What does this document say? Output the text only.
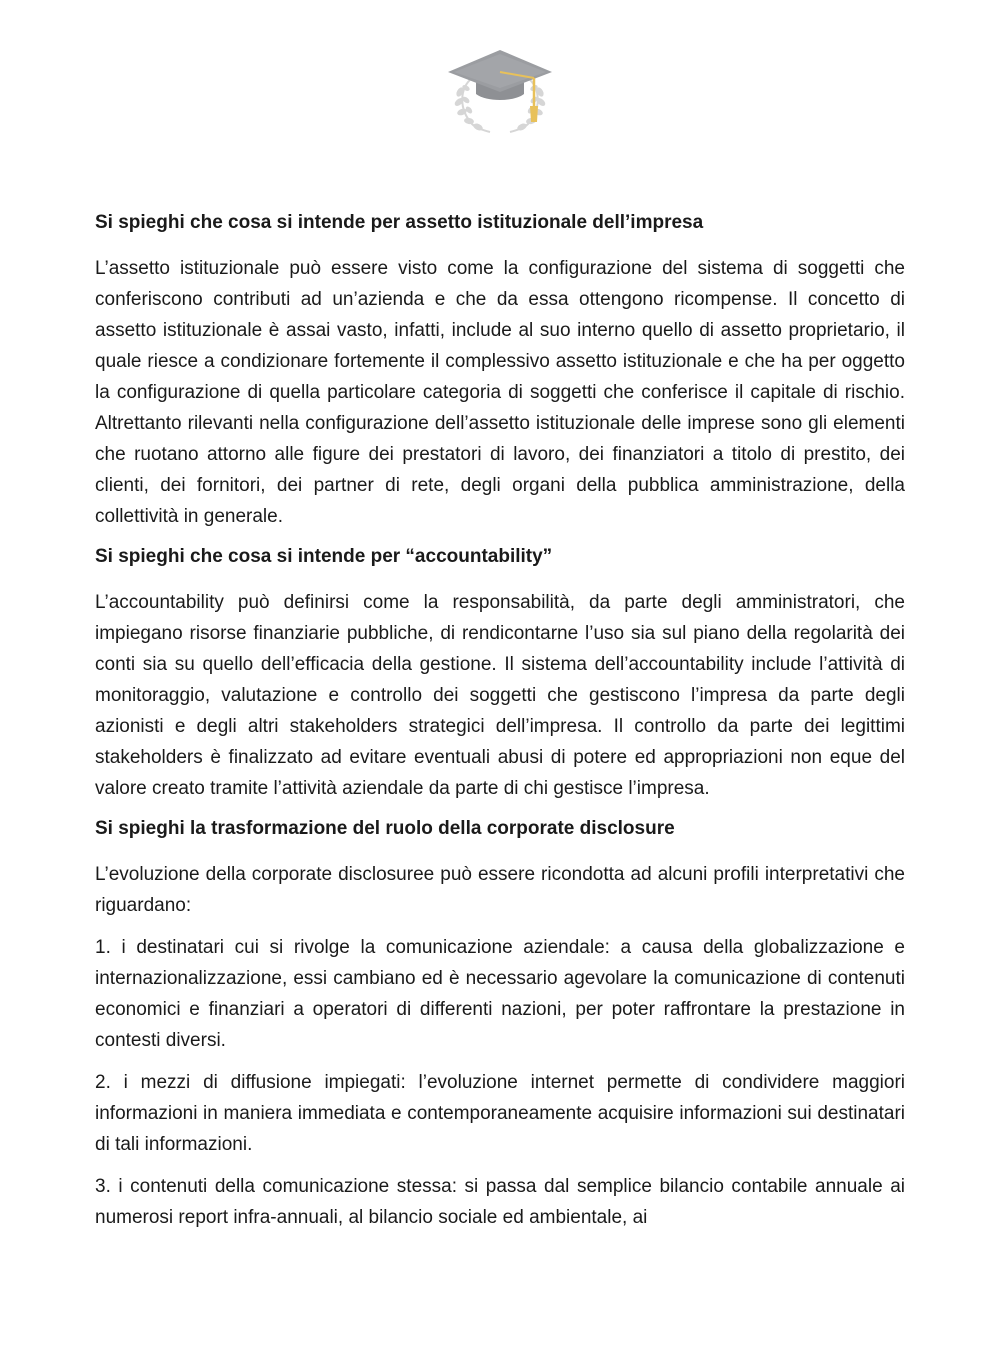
Si spieghi che cosa si intende per assetto istituzionale dell’impresa

L’assetto istituzionale può essere visto come la configurazione del sistema di soggetti che conferiscono contributi ad un’azienda e che da essa ottengono ricompense. Il concetto di assetto istituzionale è assai vasto, infatti, include al suo interno quello di assetto proprietario, il quale riesce a condizionare fortemente il complessivo assetto istituzionale e che ha per oggetto la configurazione di quella particolare categoria di soggetti che conferisce il capitale di rischio. Altrettanto rilevanti nella configurazione dell’assetto istituzionale delle imprese sono gli elementi che ruotano attorno alle figure dei prestatori di lavoro, dei finanziatori a titolo di prestito, dei clienti, dei fornitori, dei partner di rete, degli organi della pubblica amministrazione, della collettività in generale.

Si spieghi che cosa si intende per “accountability”

L’accountability può definirsi come la responsabilità, da parte degli amministratori, che impiegano risorse finanziarie pubbliche, di rendicontarne l’uso sia sul piano della regolarità dei conti sia su quello dell’efficacia della gestione. Il sistema dell’accountability include l’attività di monitoraggio, valutazione e controllo dei soggetti che gestiscono l’impresa da parte degli azionisti e degli altri stakeholders strategici dell’impresa. Il controllo da parte dei legittimi stakeholders è finalizzato ad evitare eventuali abusi di potere ed appropriazioni non eque del valore creato tramite l’attività aziendale da parte di chi gestisce l’impresa.

Si spieghi la trasformazione del ruolo della corporate disclosure

L’evoluzione della corporate disclosuree può essere ricondotta ad alcuni profili interpretativi che riguardano:

1. i destinatari cui si rivolge la comunicazione aziendale: a causa della globalizzazione e internazionalizzazione, essi cambiano ed è necessario agevolare la comunicazione di contenuti economici e finanziari a operatori di differenti nazioni, per poter raffrontare la prestazione in contesti diversi.

2. i mezzi di diffusione impiegati: l’evoluzione internet permette di condividere maggiori informazioni in maniera immediata e contemporaneamente acquisire informazioni sui destinatari di tali informazioni.

3. i contenuti della comunicazione stessa: si passa dal semplice bilancio contabile annuale ai numerosi report infra-annuali, al bilancio sociale ed ambientale, ai
